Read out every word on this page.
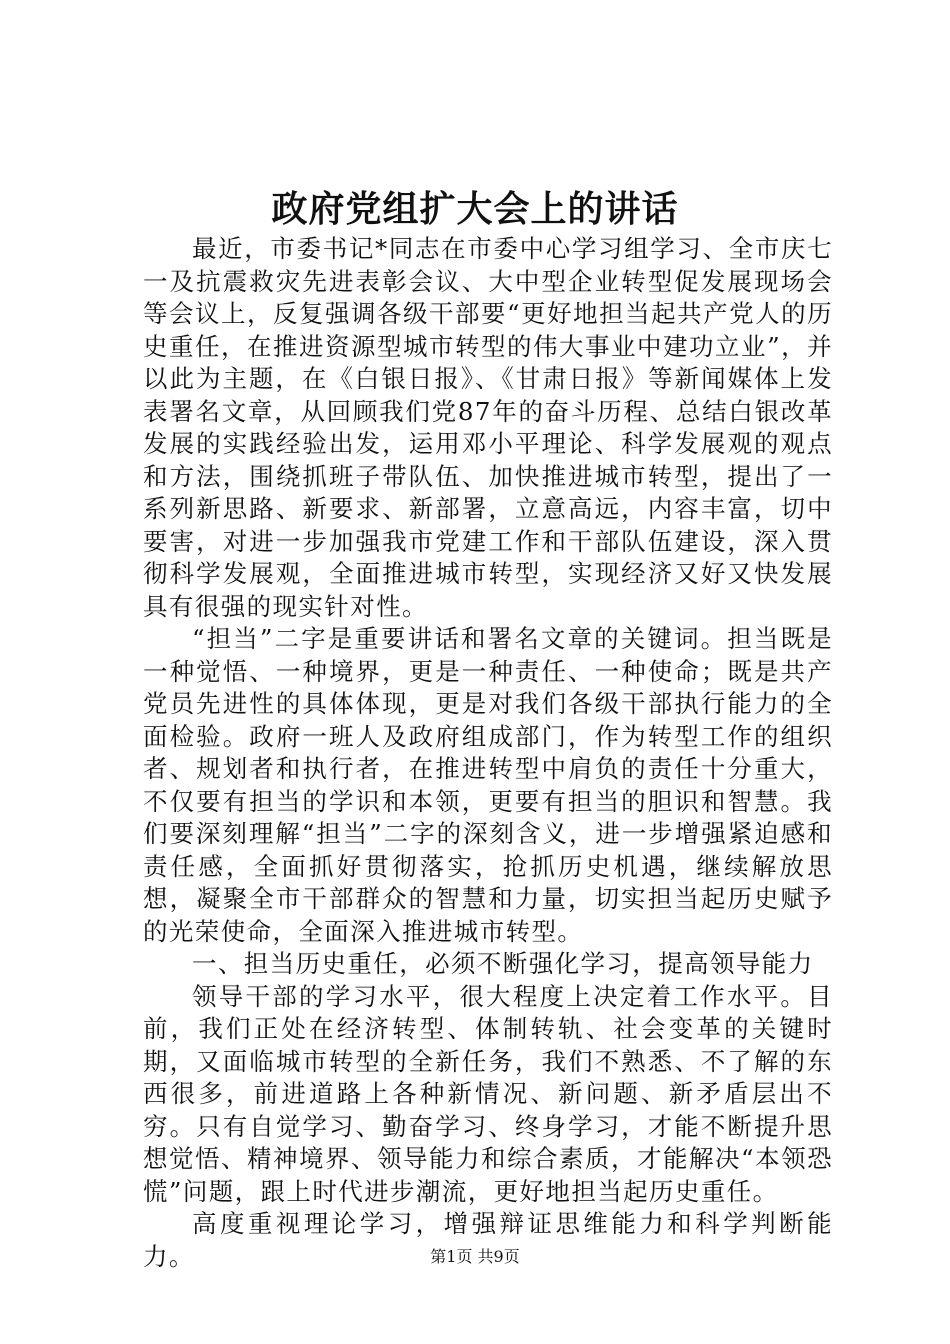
政府党组扩大会上的讲话

最近，市委书记*同志在市委中心学习组学习、全市庆七一及抗震救灾先进表彰会议、大中型企业转型促发展现场会等会议上，反复强调各级干部要“更好地担当起共产党人的历史重任，在推进资源型城市转型的伟大事业中建功立业”，并以此为主题，在《白银日报》、《甘肃日报》等新闻媒体上发表署名文章，从回顾我们党87年的奋斗历程、总结白银改革发展的实践经验出发，运用邓小平理论、科学发展观的观点和方法，围绕抓班子带队伍、加快推进城市转型，提出了一系列新思路、新要求、新部署，立意高远，内容丰富，切中要害，对进一步加强我市党建工作和干部队伍建设，深入贯彻科学发展观，全面推进城市转型，实现经济又好又快发展具有很强的现实针对性。

“担当”二字是重要讲话和署名文章的关键词。担当既是一种觉悟、一种境界，更是一种责任、一种使命；既是共产党员先进性的具体体现，更是对我们各级干部执行能力的全面检验。政府一班人及政府组成部门，作为转型工作的组织者、规划者和执行者，在推进转型中肩负的责任十分重大，不仅要有担当的学识和本领，更要有担当的胆识和智慧。我们要深刻理解“担当”二字的深刻含义，进一步增强紧迫感和责任感，全面抓好贯彻落实，抢抓历史机遇，继续解放思想，凝聚全市干部群众的智慧和力量，切实担当起历史赋予的光荣使命，全面深入推进城市转型。

一、担当历史重任，必须不断强化学习，提高领导能力

领导干部的学习水平，很大程度上决定着工作水平。目前，我们正处在经济转型、体制转轨、社会变革的关键时期，又面临城市转型的全新任务，我们不熟悉、不了解的东西很多，前进道路上各种新情况、新问题、新矛盾层出不穷。只有自觉学习、勤奋学习、终身学习，才能不断提升思想觉悟、精神境界、领导能力和综合素质，才能解决“本领恐慌”问题，跟上时代进步潮流，更好地担当起历史重任。

高度重视理论学习，增强辩证思维能力和科学判断能力。	第1页 共9页
